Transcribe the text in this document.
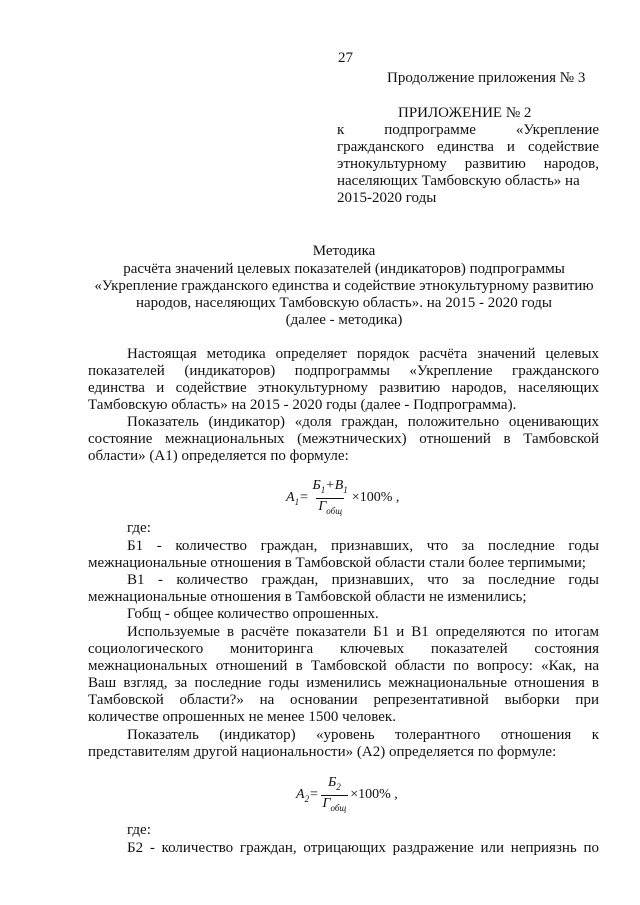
27
Продолжение приложения № 3
ПРИЛОЖЕНИЕ № 2
к подпрограмме «Укрепление
гражданского единства и содействие
этнокультурному развитию народов,
населяющих Тамбовскую область» на
2015-2020 годы
Методика
расчёта значений целевых показателей (индикаторов) подпрограммы
«Укрепление гражданского единства и содействие этнокультурному развитию
народов, населяющих Тамбовскую область». на 2015 - 2020 годы
(далее - методика)
Настоящая методика определяет порядок расчёта значений целевых
показателей (индикаторов) подпрограммы «Укрепление гражданского
единства и содействие этнокультурному развитию народов, населяющих
Тамбовскую область» на 2015 - 2020 годы (далее - Подпрограмма).
Показатель (индикатор) «доля граждан, положительно оценивающих
состояние межнациональных (межэтнических) отношений в Тамбовской
области» (А1) определяется по формуле:
$A_1= \frac{Б_1+В_1}{Г_{общ}} \times 100\%$ ,
где:
Б1 - количество граждан, признавших, что за последние годы
межнациональные отношения в Тамбовской области стали более терпимыми;
В1 - количество граждан, признавших, что за последние годы
межнациональные отношения в Тамбовской области не изменились;
Гобщ - общее количество опрошенных.
Используемые в расчёте показатели Б1 и В1 определяются по итогам
социологического мониторинга ключевых показателей состояния
межнациональных отношений в Тамбовской области по вопросу: «Как, на
Ваш взгляд, за последние годы изменились межнациональные отношения в
Тамбовской области?» на основании репрезентативной выборки при
количестве опрошенных не менее 1500 человек.
Показатель (индикатор) «уровень толерантного отношения к
представителям другой национальности» (А2) определяется по формуле:
$A_2= \frac{Б_2}{Г_{общ}} \times 100\%$ ,
где:
Б2 - количество граждан, отрицающих раздражение или неприязнь по
